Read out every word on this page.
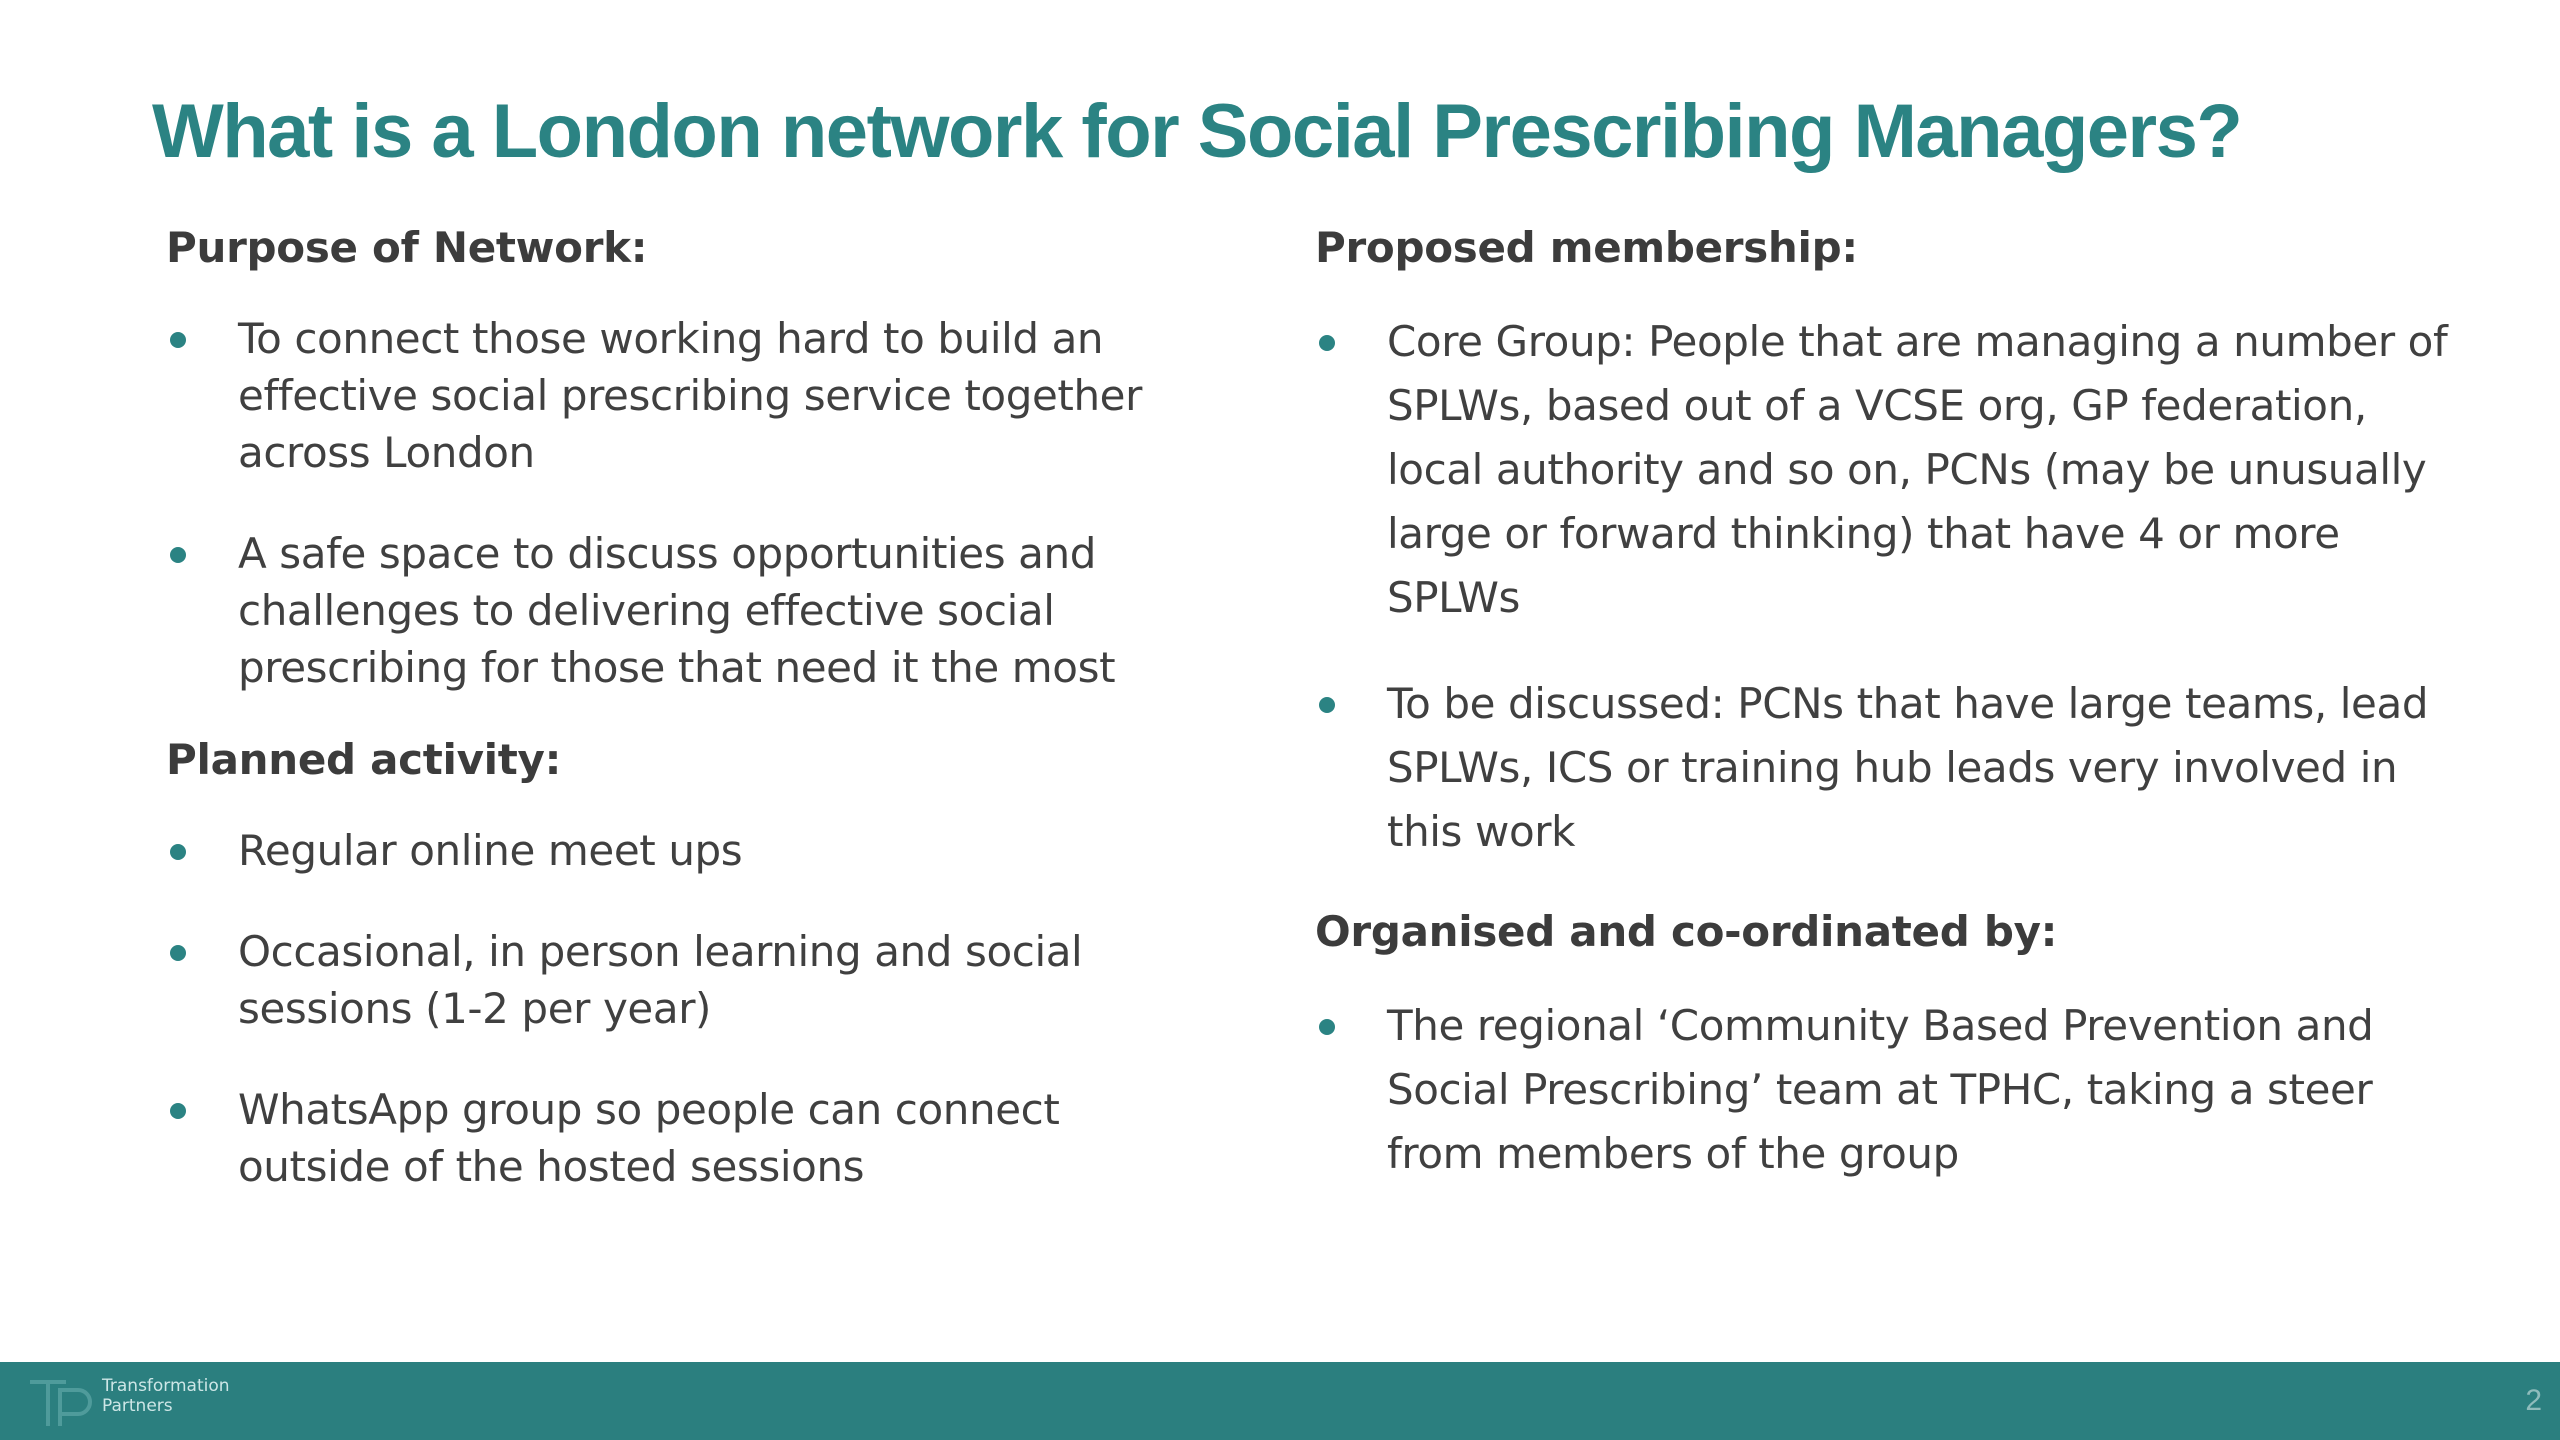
What is a London network for Social Prescribing Managers?
Purpose of Network:
To connect those working hard to build an effective social prescribing service together across London
A safe space to discuss opportunities and challenges to delivering effective social prescribing for those that need it the most
Planned activity:
Regular online meet ups
Occasional, in person learning and social sessions (1-2 per year)
WhatsApp group so people can connect outside of the hosted sessions
Proposed membership:
Core Group: People that are managing a number of SPLWs, based out of a VCSE org, GP federation, local authority and so on, PCNs (may be unusually large or forward thinking) that have 4 or more SPLWs
To be discussed: PCNs that have large teams, lead SPLWs, ICS or training hub leads very involved in this work
Organised and co-ordinated by:
The regional ‘Community Based Prevention and Social Prescribing’ team at TPHC, taking a steer from members of the group
Transformation
Partners	2
